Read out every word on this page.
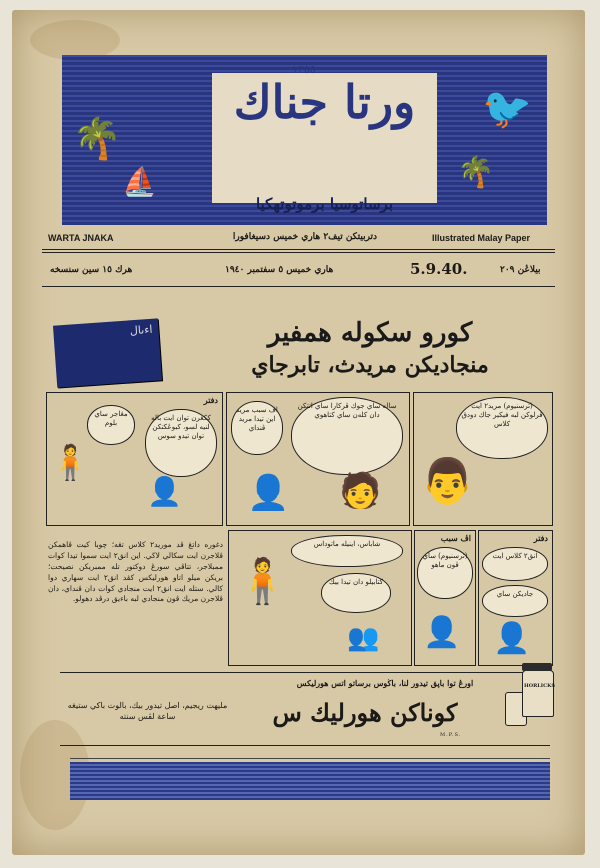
🌴
⛵
🐦
🌴
١٣٥٥
ورتا جناك
برساتوسيا برموتوتهكيا
WARTA JNAKA	دتربيتكن تيف٢ هاري خميس دسيغافورا	Illustrated Malay Paper
هرك ١٥ سين سنسخه	هاري خميس ٥ سفتمبر ١٩٤٠	5.9.40.	بيلاڠن ٢٠٩
اءىال	كورو سكوله همفير
منجاديكن مريدث، تابرجاي
دفتر
مڠاجر ساي بلوم
ككڠرن توان ايت بالە لنيه لسو، كبوڠكتكن توان تيدو سوس
🧍
👤
اڤ سبب مريد اين تيدا مريد ڤنداي
سالە ساي جوك ڤركارا ساي اتتكن دان كلەن ساي كتاهوي
👤 🧑
(ترسنيوم) مريد٢ ايت ڤرلوكن لبه فيكير جاك دودق كلاس
👨
شاباس، اينيلە ماتوداس
كتابيلو دان تيدا بيك
🧍
👥
اڤ سبب
(ترسنيوم) ساي ڤون ماهو
👤
دفتر
انق٢ كلاس ايت
جاديكن ساي
👤
دغوره داتڠ ڤد موريد٢ كلاس تڠه؛ چوبا كيت ڤاهمكن ڤلاجرن ايت سكالي لاڬي. اين انق٢ ايت سموا تيدا كوات ممبلاجر، تتاڤي سورڠ دوكتور تله ممبريكن نصيحت؛ بريكن ميلو اتاو هورليكس كڤد انق٢ ايت سهاري دوا كالي. ستله ايت انق٢ ايت منجادي كوات دان ڤنداي، دان ڤلاجرن مريك ڤون منجادي لبه باءيق درڤد دهولو.
اورڠ توا باڽق تيدور لنا، باڬوس برساتو اتس هورليكس
كوناكن هورليك س
مليهت ريجيم، اصل تيدور بيك، بالوت باكي ستيڠه ساعة لڤس سنته
HORLICKS
M.P.S.
